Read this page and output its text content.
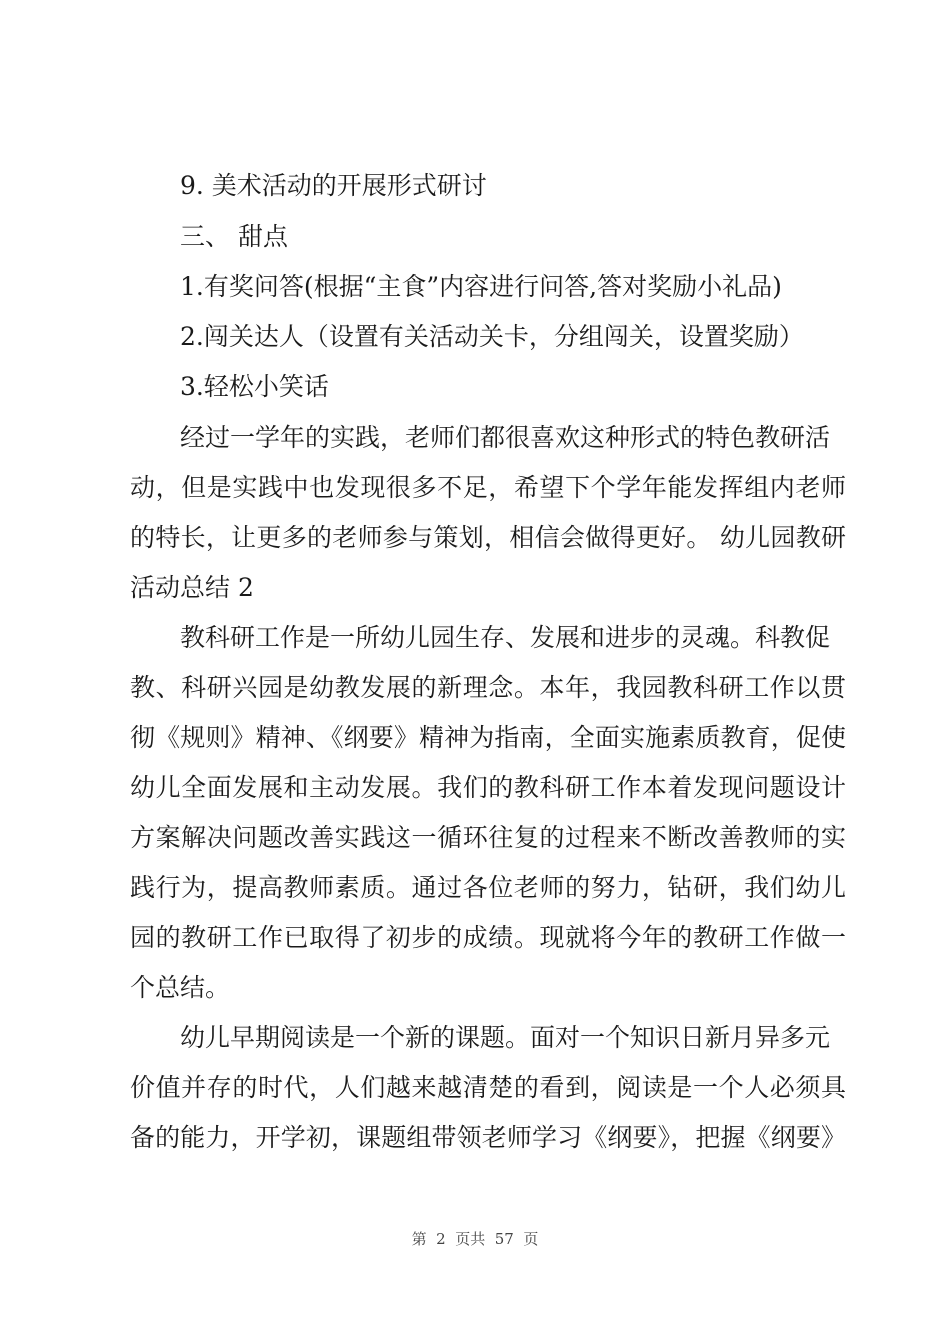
9. 美术活动的开展形式研讨
三、 甜点
1.有奖问答(根据“主食”内容进行问答,答对奖励小礼品)
2.闯关达人（设置有关活动关卡，分组闯关，设置奖励）
3.轻松小笑话
经过一学年的实践，老师们都很喜欢这种形式的特色教研活
动，但是实践中也发现很多不足，希望下个学年能发挥组内老师
的特长，让更多的老师参与策划，相信会做得更好。 幼儿园教研
活动总结 2
教科研工作是一所幼儿园生存、发展和进步的灵魂。科教促
教、科研兴园是幼教发展的新理念。本年，我园教科研工作以贯
彻《规则》精神、《纲要》精神为指南，全面实施素质教育，促使
幼儿全面发展和主动发展。我们的教科研工作本着发现问题设计
方案解决问题改善实践这一循环往复的过程来不断改善教师的实
践行为，提高教师素质。通过各位老师的努力，钻研，我们幼儿
园的教研工作已取得了初步的成绩。现就将今年的教研工作做一
个总结。
幼儿早期阅读是一个新的课题。面对一个知识日新月异多元
价值并存的时代，人们越来越清楚的看到，阅读是一个人必须具
备的能力，开学初，课题组带领老师学习《纲要》，把握《纲要》
第  2  页共  57  页
